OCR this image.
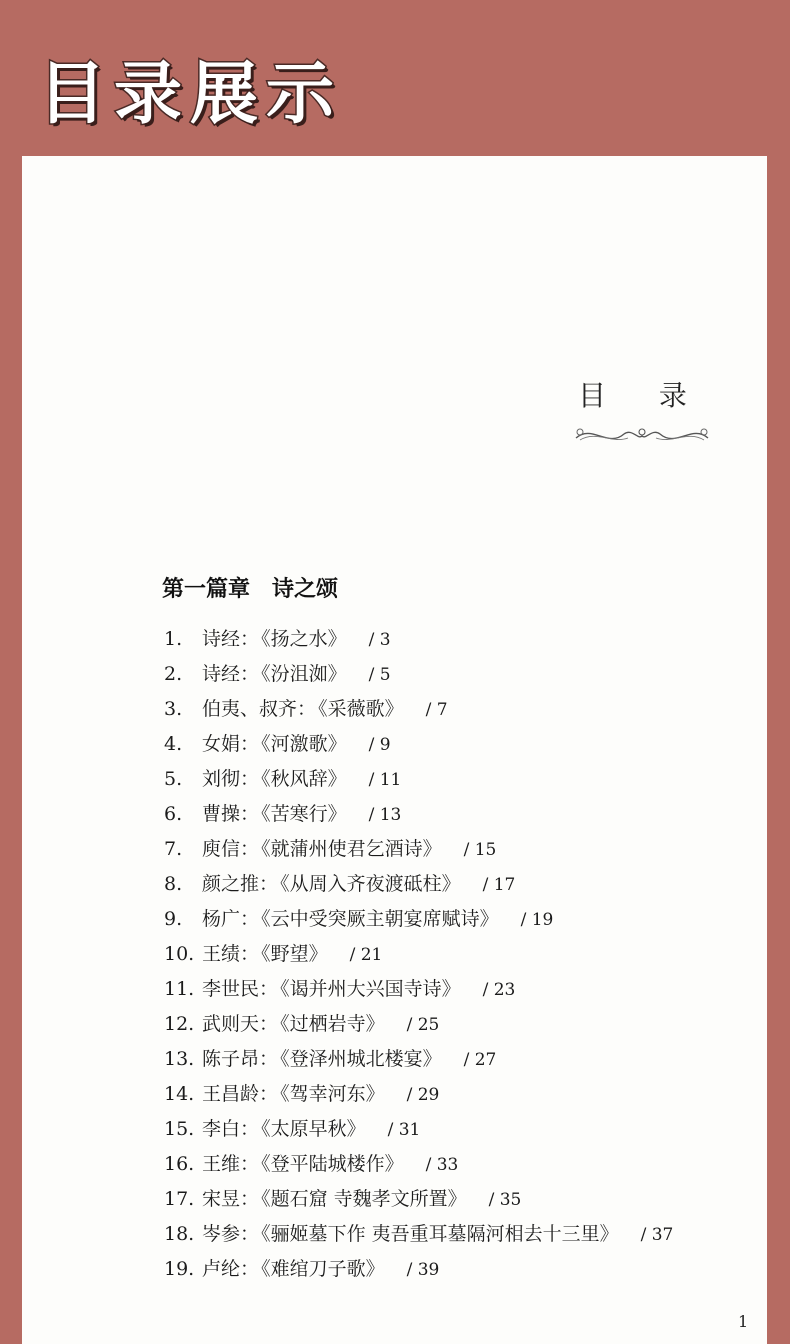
目录展示
目 录
第一篇章　诗之颂
1. 诗经： 《扬之水》 / 3
2. 诗经： 《汾沮洳》 / 5
3. 伯夷、叔齐： 《采薇歌》 / 7
4. 女娟： 《河激歌》 / 9
5. 刘彻： 《秋风辞》 / 11
6. 曹操： 《苦寒行》 / 13
7. 庾信： 《就蒲州使君乞酒诗》 / 15
8. 颜之推： 《从周入齐夜渡砥柱》 / 17
9. 杨广： 《云中受突厥主朝宴席赋诗》 / 19
10. 王绩： 《野望》 / 21
11. 李世民： 《谒并州大兴国寺诗》 / 23
12. 武则天： 《过栖岩寺》 / 25
13. 陈子昂： 《登泽州城北楼宴》 / 27
14. 王昌龄： 《驾幸河东》 / 29
15. 李白： 《太原早秋》 / 31
16. 王维： 《登平陆城楼作》 / 33
17. 宋昱： 《题石窟 寺魏孝文所置》 / 35
18. 岑参： 《骊姬墓下作 夷吾重耳墓隔河相去十三里》 / 37
19. 卢纶： 《难绾刀子歌》 / 39
1
